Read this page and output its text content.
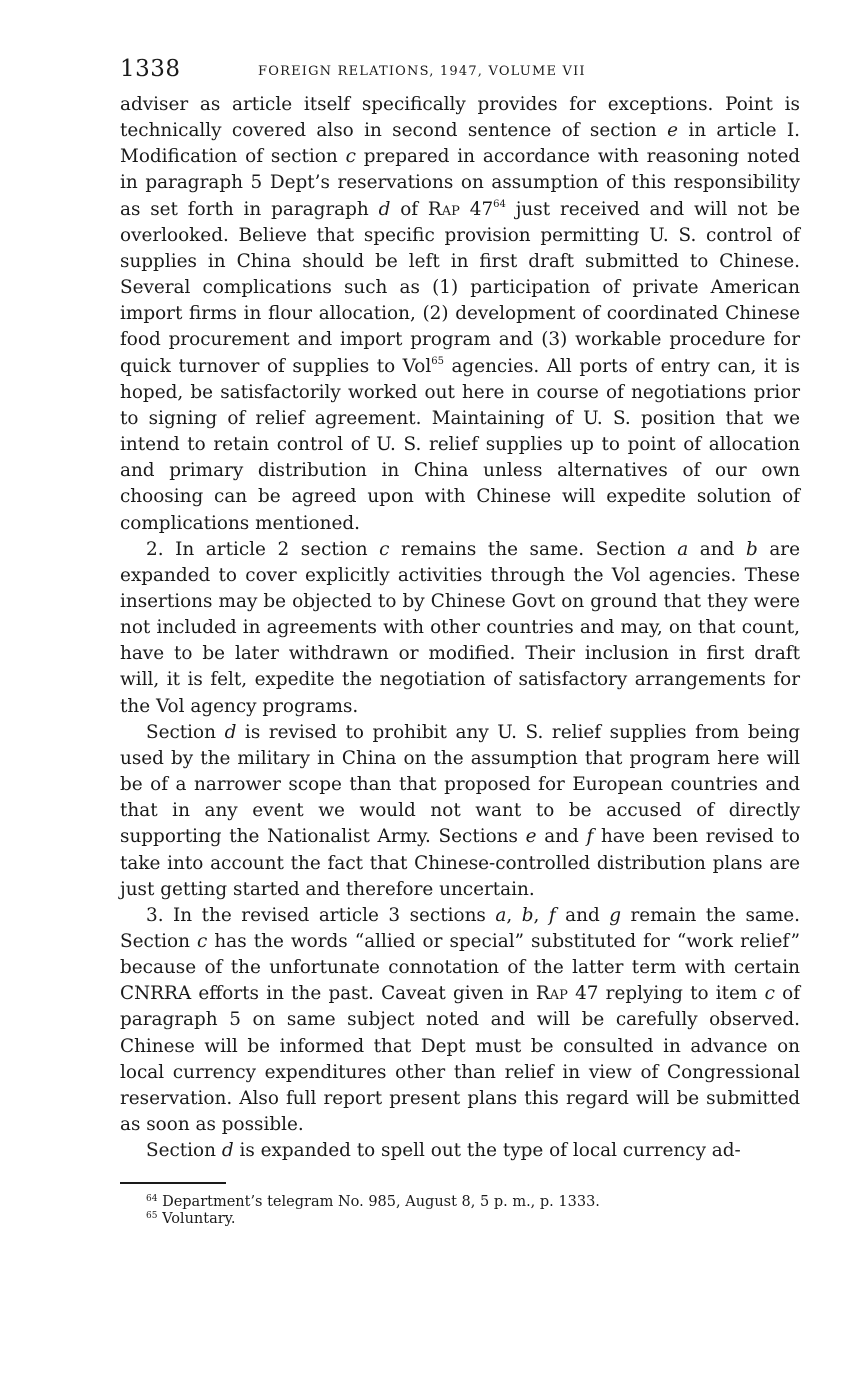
1338	FOREIGN RELATIONS, 1947, VOLUME VII

adviser as article itself specifically provides for exceptions. Point is technically covered also in second sentence of section e in article I. Modification of section c prepared in accordance with reasoning noted in paragraph 5 Dept’s reservations on assumption of this responsibility as set forth in paragraph d of Rap $47^{64}$ just received and will not be overlooked. Believe that specific provision permitting U. S. control of supplies in China should be left in first draft submitted to Chinese. Several complications such as (1) participation of private American import firms in flour allocation, (2) development of coordinated Chinese food procurement and import program and (3) workable procedure for quick turnover of supplies to Vol$^{65}$ agencies. All ports of entry can, it is hoped, be satisfactorily worked out here in course of negotiations prior to signing of relief agreement. Maintaining of U. S. position that we intend to retain control of U. S. relief supplies up to point of allocation and primary distribution in China unless alternatives of our own choosing can be agreed upon with Chinese will expedite solution of complications mentioned.

2. In article 2 section c remains the same. Section a and b are expanded to cover explicitly activities through the Vol agencies. These insertions may be objected to by Chinese Govt on ground that they were not included in agreements with other countries and may, on that count, have to be later withdrawn or modified. Their inclusion in first draft will, it is felt, expedite the negotiation of satisfactory arrangements for the Vol agency programs.

Section d is revised to prohibit any U. S. relief supplies from being used by the military in China on the assumption that program here will be of a narrower scope than that proposed for European countries and that in any event we would not want to be accused of directly supporting the Nationalist Army. Sections e and f have been revised to take into account the fact that Chinese-controlled distribution plans are just getting started and therefore uncertain.

3. In the revised article 3 sections a, b, f and g remain the same. Section c has the words “allied or special” substituted for “work relief” because of the unfortunate connotation of the latter term with certain CNRRA efforts in the past. Caveat given in Rap 47 replying to item c of paragraph 5 on same subject noted and will be carefully observed. Chinese will be informed that Dept must be consulted in advance on local currency expenditures other than relief in view of Congressional reservation. Also full report present plans this regard will be submitted as soon as possible.

Section d is expanded to spell out the type of local currency ad-

$^{64}$ Department’s telegram No. 985, August 8, 5 p. m., p. 1333.
$^{65}$ Voluntary.
